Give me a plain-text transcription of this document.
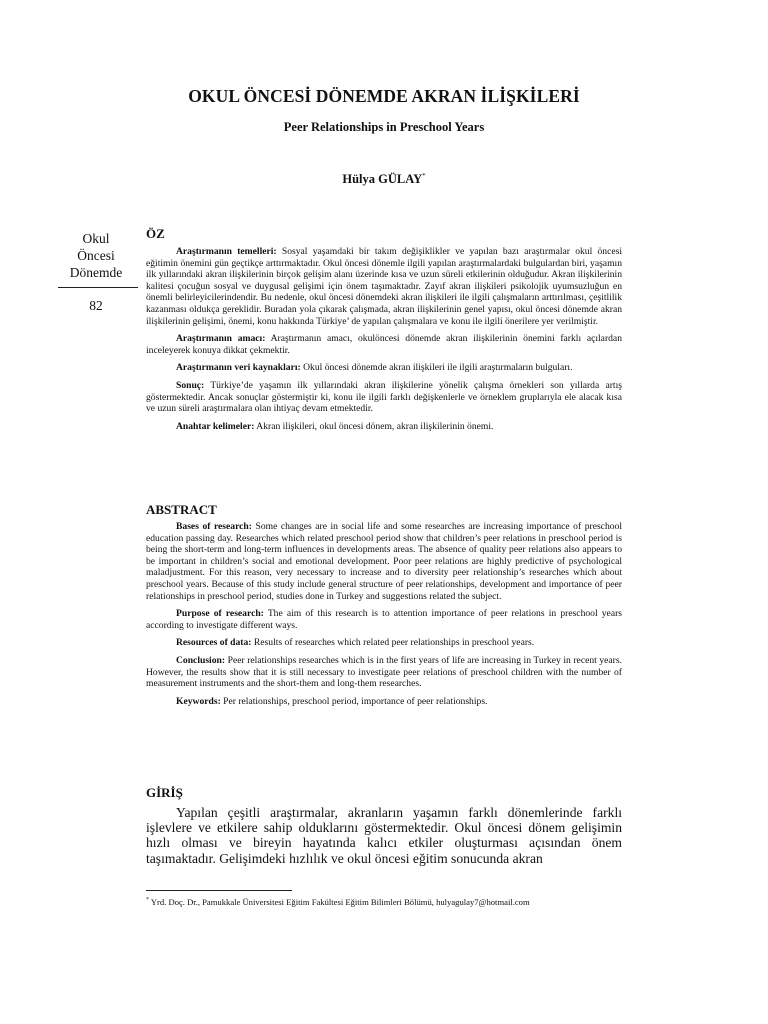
OKUL ÖNCESİ DÖNEMDE AKRAN İLİŞKİLERİ
Peer Relationships in Preschool Years
Hülya GÜLAY*
Okul
Öncesi
Dönemde
82
ÖZ

Araştırmanın temelleri: Sosyal yaşamdaki bir takım değişiklikler ve yapılan bazı araştırmalar okul öncesi eğitimin önemini gün geçtikçe arttırmaktadır. Okul öncesi dönemle ilgili yapılan araştırmalardaki bulgulardan biri, yaşamın ilk yıllarındaki akran ilişkilerinin birçok gelişim alanı üzerinde kısa ve uzun süreli etkilerinin olduğudur. Akran ilişkilerinin kalitesi çocuğun sosyal ve duygusal gelişimi için önem taşımaktadır. Zayıf akran ilişkileri psikolojik uyumsuzluğun en önemli belirleyicilerindendir. Bu nedenle, okul öncesi dönemdeki akran ilişkileri ile ilgili çalışmaların arttırılması, çeşitlilik kazanması oldukça gereklidir. Buradan yola çıkarak çalışmada, akran ilişkilerinin genel yapısı, okul öncesi dönemde akran ilişkilerinin gelişimi, önemi, konu hakkında Türkiye’ de yapılan çalışmalara ve konu ile ilgili önerilere yer verilmiştir.

Araştırmanın amacı: Araştırmanın amacı, okulöncesi dönemde akran ilişkilerinin önemini farklı açılardan inceleyerek konuya dikkat çekmektir.

Araştırmanın veri kaynakları: Okul öncesi dönemde akran ilişkileri ile ilgili araştırmaların bulguları.

Sonuç: Türkiye’de yaşamın ilk yıllarındaki akran ilişkilerine yönelik çalışma örnekleri son yıllarda artış göstermektedir. Ancak sonuçlar göstermiştir ki, konu ile ilgili farklı değişkenlerle ve örneklem gruplarıyla ele alacak kısa ve uzun süreli araştırmalara olan ihtiyaç devam etmektedir.

Anahtar kelimeler: Akran ilişkileri, okul öncesi dönem, akran ilişkilerinin önemi.

ABSTRACT

Bases of research: Some changes are in social life and some researches are increasing importance of preschool education passing day. Researches which related preschool period show that children’s peer relations in preschool period is being the short-term and long-term influences in developments areas. The absence of quality peer relations also appears to be important in children’s social and emotional development. Poor peer relations are highly predictive of psychological maladjustment. For this reason, very necessary to increase and to diversity peer relationship’s researches which about preschool years. Because of this study include general structure of peer relationships, development and importance of peer relationships in preschool period, studies done in Turkey and suggestions related the subject.

Purpose of research: The aim of this research is to attention importance of peer relations in preschool years according to investigate different ways.

Resources of data: Results of researches which related peer relationships in preschool years.

Conclusion: Peer relationships researches which is in the first years of life are increasing in Turkey in recent years. However, the results show that it is still necessary to investigate peer relations of preschool children with the number of measurement instruments and the short-them and long-them researches.

Keywords: Per relationships, preschool period, importance of peer relationships.

GİRİŞ

Yapılan çeşitli araştırmalar, akranların yaşamın farklı dönemlerinde farklı işlevlere ve etkilere sahip olduklarını göstermektedir. Okul öncesi dönem gelişimin hızlı olması ve bireyin hayatında kalıcı etkiler oluşturması açısından önem taşımaktadır. Gelişimdeki hızlılık ve okul öncesi eğitim sonucunda akran

* Yrd. Doç. Dr., Pamukkale Üniversitesi Eğitim Fakültesi Eğitim Bilimleri Bölümü, hulyagulay7@hotmail.com
